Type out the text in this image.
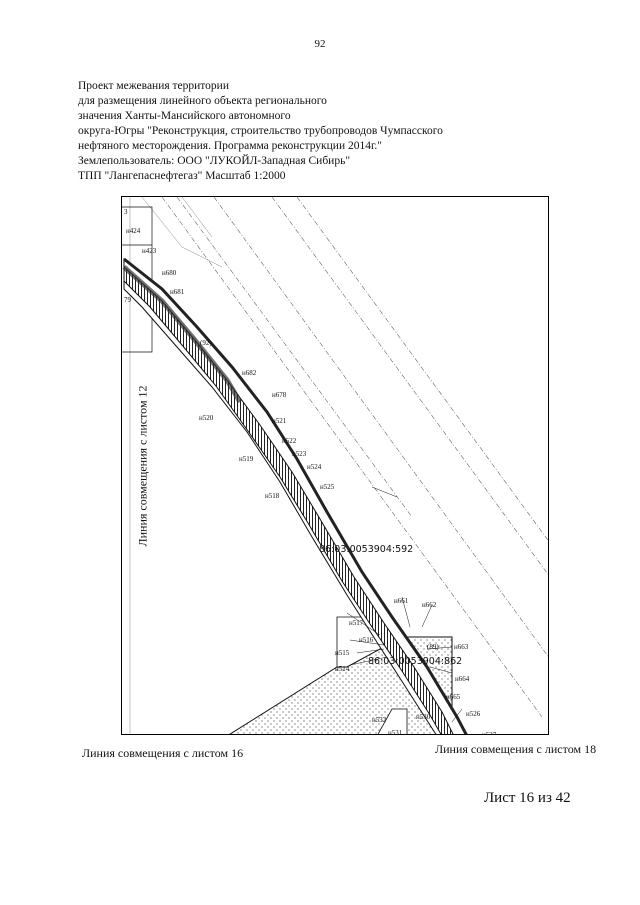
92
Проект межевания территории
для размещения линейного объекта регионального
значения Ханты-Мансийского автономного
округа-Югры "Реконструкция, строительство трубопроводов Чумпасского
нефтяного месторождения. Программа реконструкции 2014г."
Землепользователь: ООО "ЛУКОЙЛ-Западная Сибирь"
ТПП "Лангепаснефтегаз" Масштаб 1:2000
н424
н423
н680
н681
н682
н678
н520	н521
н522
н523
н519
н524
н518
н525
н661 н662
н517
н516
н663
н515
н664
н514
н665
н532	н530	н526
н531	н527
3
79
(92)
86:03:0053904:592
(89)
86:03:0053904:862
Линия совмещения с листом 12
Линия совмещения с листом 16	Линия совмещения с листом 18
Лист 16 из 42
